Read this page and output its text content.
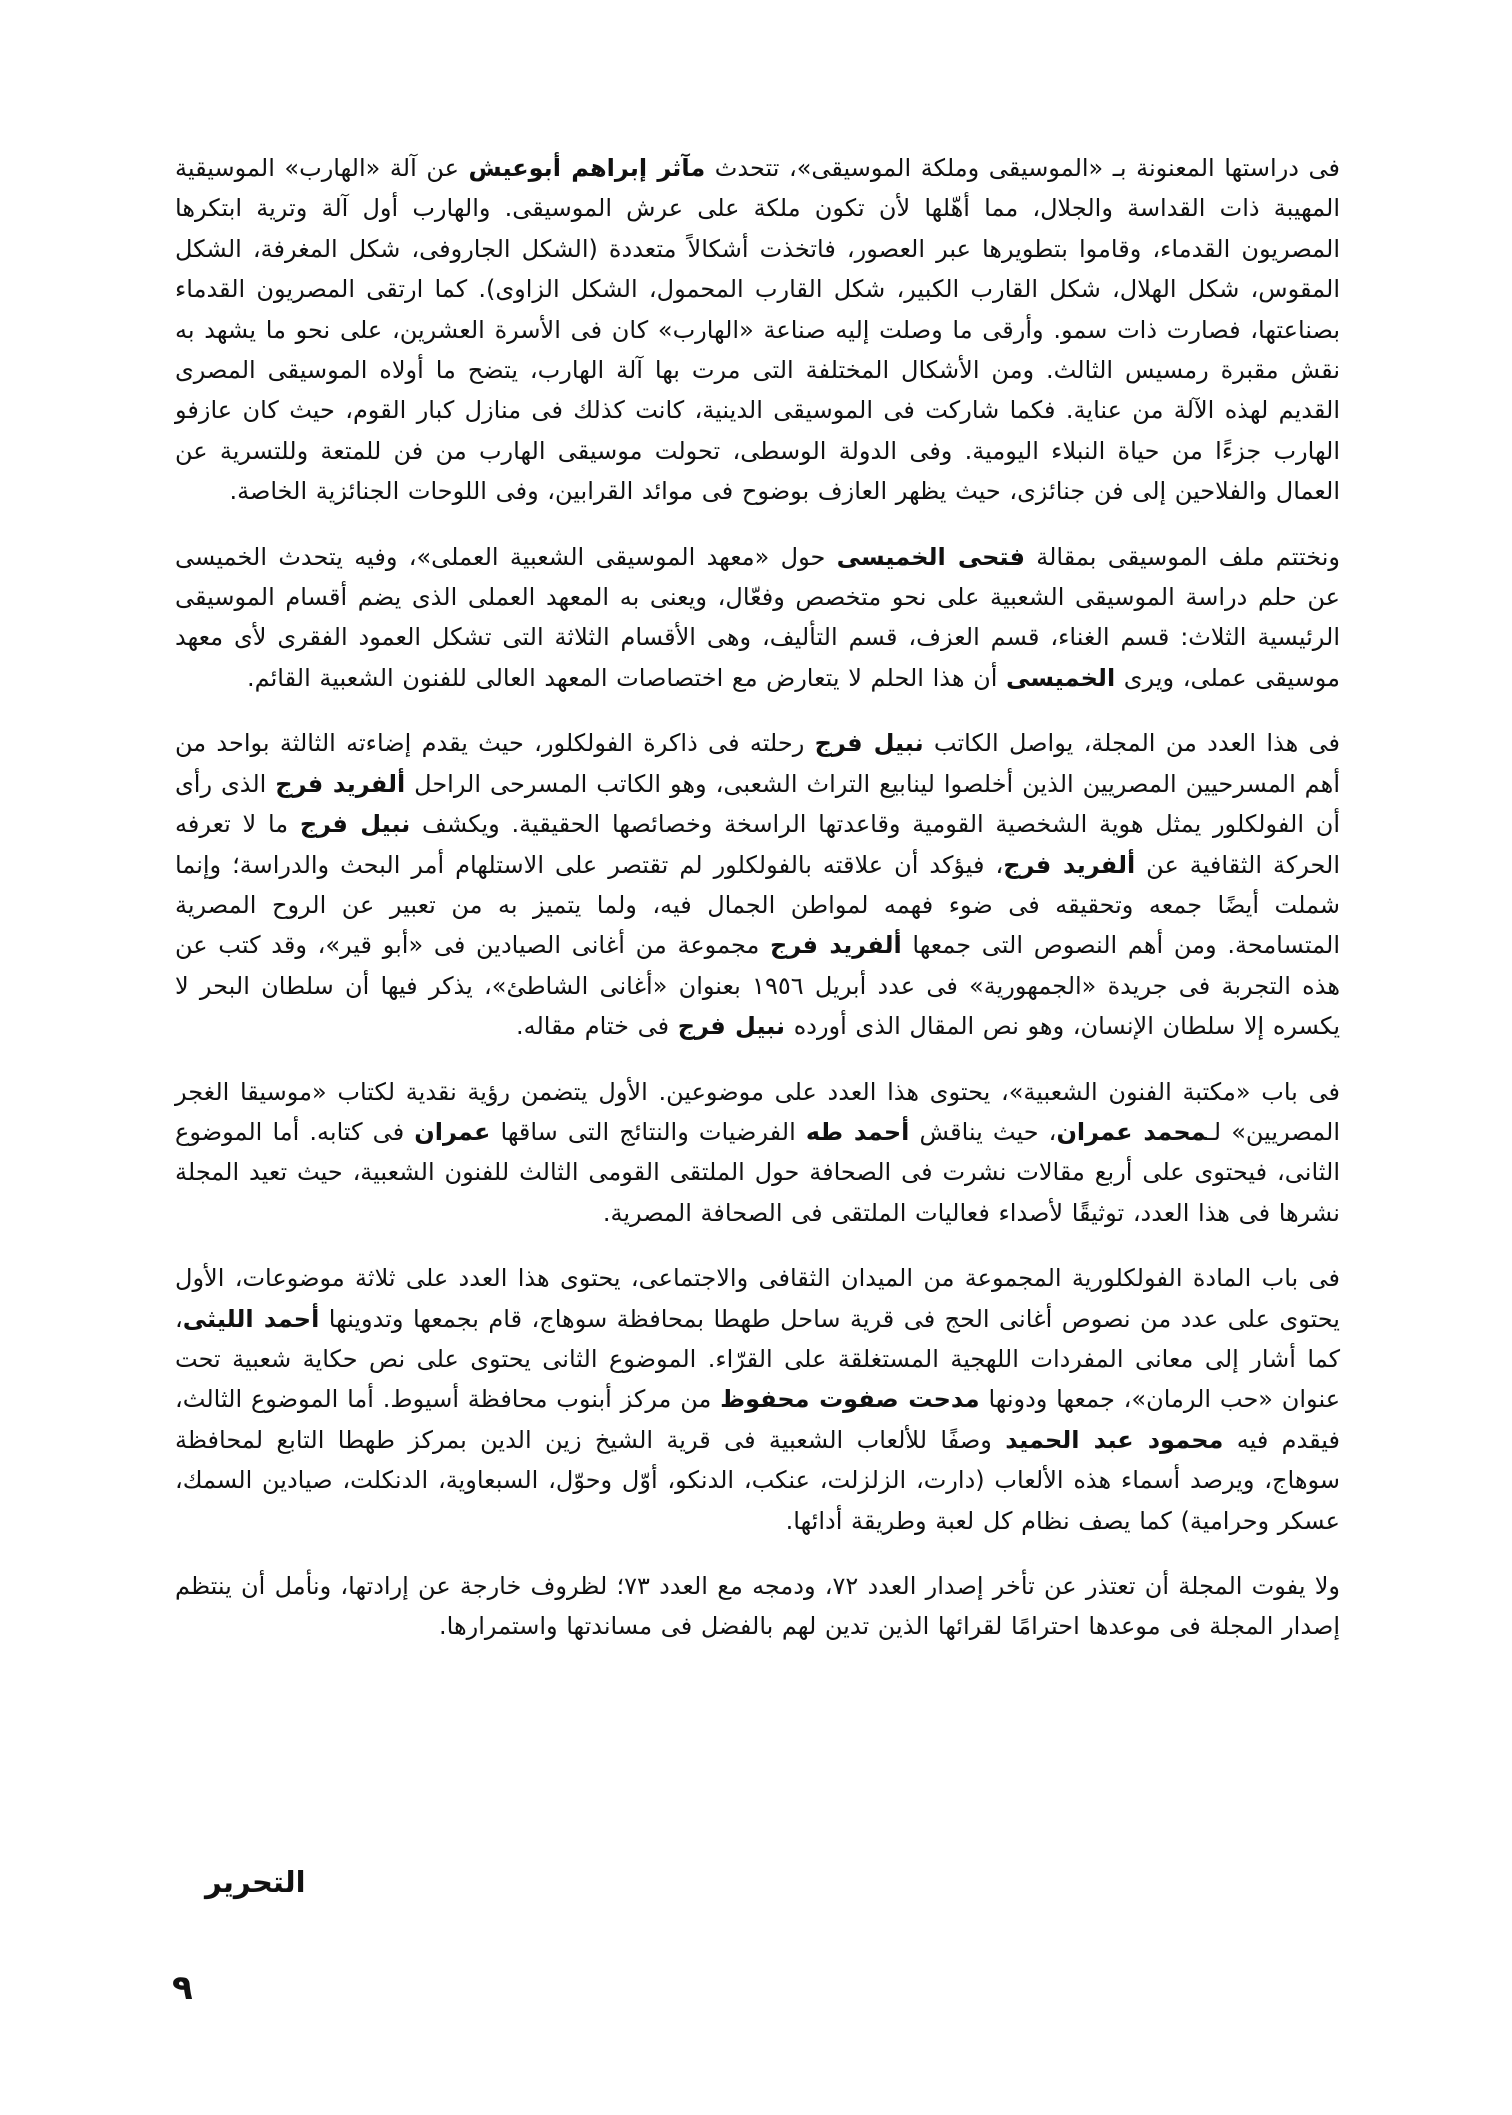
فى دراستها المعنونة بـ «الموسيقى وملكة الموسيقى»، تتحدث مآثر إبراهم أبوعيش عن آلة «الهارب» الموسيقية المهيبة ذات القداسة والجلال، مما أهّلها لأن تكون ملكة على عرش الموسيقى. والهارب أول آلة وترية ابتكرها المصريون القدماء، وقاموا بتطويرها عبر العصور، فاتخذت أشكالاً متعددة (الشكل الجاروفى، شكل المغرفة، الشكل المقوس، شكل الهلال، شكل القارب الكبير، شكل القارب المحمول، الشكل الزاوى). كما ارتقى المصريون القدماء بصناعتها، فصارت ذات سمو. وأرقى ما وصلت إليه صناعة «الهارب» كان فى الأسرة العشرين، على نحو ما يشهد به نقش مقبرة رمسيس الثالث. ومن الأشكال المختلفة التى مرت بها آلة الهارب، يتضح ما أولاه الموسيقى المصرى القديم لهذه الآلة من عناية. فكما شاركت فى الموسيقى الدينية، كانت كذلك فى منازل كبار القوم، حيث كان عازفو الهارب جزءًا من حياة النبلاء اليومية. وفى الدولة الوسطى، تحولت موسيقى الهارب من فن للمتعة وللتسرية عن العمال والفلاحين إلى فن جنائزى، حيث يظهر العازف بوضوح فى موائد القرابين، وفى اللوحات الجنائزية الخاصة.

ونختتم ملف الموسيقى بمقالة فتحى الخميسى حول «معهد الموسيقى الشعبية العملى»، وفيه يتحدث الخميسى عن حلم دراسة الموسيقى الشعبية على نحو متخصص وفعّال، ويعنى به المعهد العملى الذى يضم أقسام الموسيقى الرئيسية الثلاث: قسم الغناء، قسم العزف، قسم التأليف، وهى الأقسام الثلاثة التى تشكل العمود الفقرى لأى معهد موسيقى عملى، ويرى الخميسى أن هذا الحلم لا يتعارض مع اختصاصات المعهد العالى للفنون الشعبية القائم.

فى هذا العدد من المجلة، يواصل الكاتب نبيل فرج رحلته فى ذاكرة الفولكلور، حيث يقدم إضاءته الثالثة بواحد من أهم المسرحيين المصريين الذين أخلصوا لينابيع التراث الشعبى، وهو الكاتب المسرحى الراحل ألفريد فرج الذى رأى أن الفولكلور يمثل هوية الشخصية القومية وقاعدتها الراسخة وخصائصها الحقيقية. ويكشف نبيل فرج ما لا تعرفه الحركة الثقافية عن ألفريد فرج، فيؤكد أن علاقته بالفولكلور لم تقتصر على الاستلهام أمر البحث والدراسة؛ وإنما شملت أيضًا جمعه وتحقيقه فى ضوء فهمه لمواطن الجمال فيه، ولما يتميز به من تعبير عن الروح المصرية المتسامحة. ومن أهم النصوص التى جمعها ألفريد فرج مجموعة من أغانى الصيادين فى «أبو قير»، وقد كتب عن هذه التجربة فى جريدة «الجمهورية» فى عدد أبريل ١٩٥٦ بعنوان «أغانى الشاطئ»، يذكر فيها أن سلطان البحر لا يكسره إلا سلطان الإنسان، وهو نص المقال الذى أورده نبيل فرج فى ختام مقاله.

فى باب «مكتبة الفنون الشعبية»، يحتوى هذا العدد على موضوعين. الأول يتضمن رؤية نقدية لكتاب «موسيقا الغجر المصريين» لـمحمد عمران، حيث يناقش أحمد طه الفرضيات والنتائج التى ساقها عمران فى كتابه. أما الموضوع الثانى، فيحتوى على أربع مقالات نشرت فى الصحافة حول الملتقى القومى الثالث للفنون الشعبية، حيث تعيد المجلة نشرها فى هذا العدد، توثيقًا لأصداء فعاليات الملتقى فى الصحافة المصرية.

فى باب المادة الفولكلورية المجموعة من الميدان الثقافى والاجتماعى، يحتوى هذا العدد على ثلاثة موضوعات، الأول يحتوى على عدد من نصوص أغانى الحج فى قرية ساحل طهطا بمحافظة سوهاج، قام بجمعها وتدوينها أحمد الليثى، كما أشار إلى معانى المفردات اللهجية المستغلقة على القرّاء. الموضوع الثانى يحتوى على نص حكاية شعبية تحت عنوان «حب الرمان»، جمعها ودونها مدحت صفوت محفوظ من مركز أبنوب محافظة أسيوط. أما الموضوع الثالث، فيقدم فيه محمود عبد الحميد وصفًا للألعاب الشعبية فى قرية الشيخ زين الدين بمركز طهطا التابع لمحافظة سوهاج، ويرصد أسماء هذه الألعاب (دارت، الزلزلت، عنكب، الدنكو، أوّل وحوّل، السبعاوية، الدنكلت، صيادين السمك، عسكر وحرامية) كما يصف نظام كل لعبة وطريقة أدائها.

ولا يفوت المجلة أن تعتذر عن تأخر إصدار العدد ٧٢، ودمجه مع العدد ٧٣؛ لظروف خارجة عن إرادتها، ونأمل أن ينتظم إصدار المجلة فى موعدها احترامًا لقرائها الذين تدين لهم بالفضل فى مساندتها واستمرارها.

التحرير
٩
